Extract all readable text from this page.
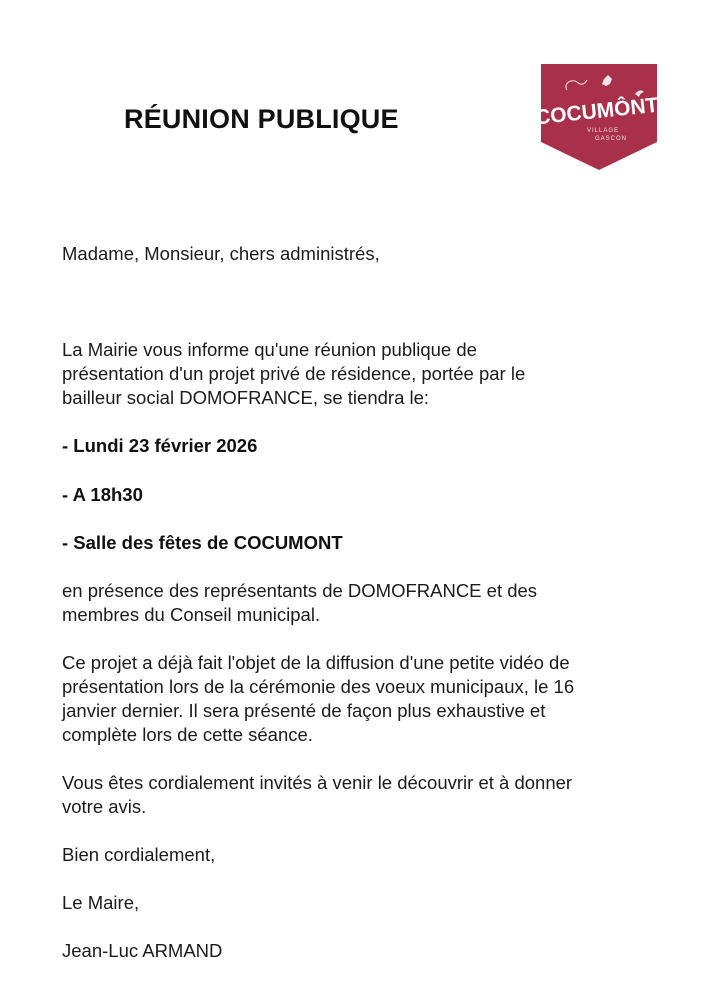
RÉUNION PUBLIQUE	COCUMÔNT
VILLAGE
GASCON
Madame, Monsieur, chers administrés,
La Mairie vous informe qu'une réunion publique de
présentation d'un projet privé de résidence, portée par le
bailleur social DOMOFRANCE, se tiendra le:
- Lundi 23 février 2026
- A 18h30
- Salle des fêtes de COCUMONT
en présence des représentants de DOMOFRANCE et des
membres du Conseil municipal.
Ce projet a déjà fait l'objet de la diffusion d'une petite vidéo de
présentation lors de la cérémonie des voeux municipaux, le 16
janvier dernier. Il sera présenté de façon plus exhaustive et
complète lors de cette séance.
Vous êtes cordialement invités à venir le découvrir et à donner
votre avis.
Bien cordialement,
Le Maire,
Jean-Luc ARMAND
